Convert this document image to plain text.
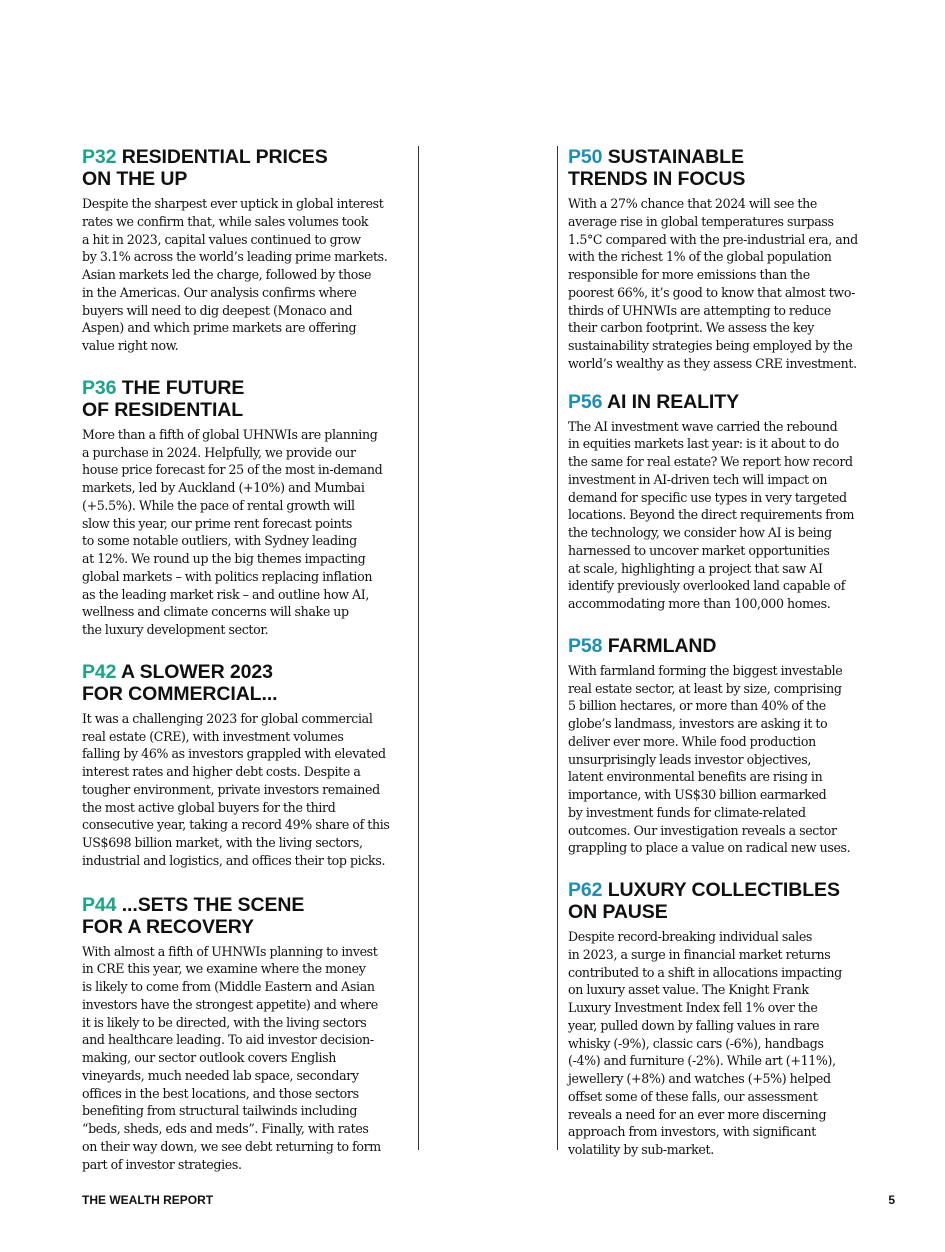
P32 RESIDENTIAL PRICES
ON THE UP
Despite the sharpest ever uptick in global interest
rates we confirm that, while sales volumes took
a hit in 2023, capital values continued to grow
by 3.1% across the world’s leading prime markets.
Asian markets led the charge, followed by those
in the Americas. Our analysis confirms where
buyers will need to dig deepest (Monaco and
Aspen) and which prime markets are offering
value right now.
P36 THE FUTURE
OF RESIDENTIAL
More than a fifth of global UHNWIs are planning
a purchase in 2024. Helpfully, we provide our
house price forecast for 25 of the most in-demand
markets, led by Auckland (+10%) and Mumbai
(+5.5%). While the pace of rental growth will
slow this year, our prime rent forecast points
to some notable outliers, with Sydney leading
at 12%. We round up the big themes impacting
global markets – with politics replacing inflation
as the leading market risk – and outline how AI,
wellness and climate concerns will shake up
the luxury development sector.
P42 A SLOWER 2023
FOR COMMERCIAL...
It was a challenging 2023 for global commercial
real estate (CRE), with investment volumes
falling by 46% as investors grappled with elevated
interest rates and higher debt costs. Despite a
tougher environment, private investors remained
the most active global buyers for the third
consecutive year, taking a record 49% share of this
US$698 billion market, with the living sectors,
industrial and logistics, and offices their top picks.
P44 ...SETS THE SCENE
FOR A RECOVERY
With almost a fifth of UHNWIs planning to invest
in CRE this year, we examine where the money
is likely to come from (Middle Eastern and Asian
investors have the strongest appetite) and where
it is likely to be directed, with the living sectors
and healthcare leading. To aid investor decision-
making, our sector outlook covers English
vineyards, much needed lab space, secondary
offices in the best locations, and those sectors
benefiting from structural tailwinds including
“beds, sheds, eds and meds”. Finally, with rates
on their way down, we see debt returning to form
part of investor strategies.
P50 SUSTAINABLE
TRENDS IN FOCUS
With a 27% chance that 2024 will see the
average rise in global temperatures surpass
1.5°C compared with the pre-industrial era, and
with the richest 1% of the global population
responsible for more emissions than the
poorest 66%, it’s good to know that almost two-
thirds of UHNWIs are attempting to reduce
their carbon footprint. We assess the key
sustainability strategies being employed by the
world’s wealthy as they assess CRE investment.
P56 AI IN REALITY
The AI investment wave carried the rebound
in equities markets last year: is it about to do
the same for real estate? We report how record
investment in AI-driven tech will impact on
demand for specific use types in very targeted
locations. Beyond the direct requirements from
the technology, we consider how AI is being
harnessed to uncover market opportunities
at scale, highlighting a project that saw AI
identify previously overlooked land capable of
accommodating more than 100,000 homes.
P58 FARMLAND
With farmland forming the biggest investable
real estate sector, at least by size, comprising
5 billion hectares, or more than 40% of the
globe’s landmass, investors are asking it to
deliver ever more. While food production
unsurprisingly leads investor objectives,
latent environmental benefits are rising in
importance, with US$30 billion earmarked
by investment funds for climate-related
outcomes. Our investigation reveals a sector
grappling to place a value on radical new uses.
P62 LUXURY COLLECTIBLES
ON PAUSE
Despite record-breaking individual sales
in 2023, a surge in financial market returns
contributed to a shift in allocations impacting
on luxury asset value. The Knight Frank
Luxury Investment Index fell 1% over the
year, pulled down by falling values in rare
whisky (-9%), classic cars (-6%), handbags
(-4%) and furniture (-2%). While art (+11%),
jewellery (+8%) and watches (+5%) helped
offset some of these falls, our assessment
reveals a need for an ever more discerning
approach from investors, with significant
volatility by sub-market.
THE WEALTH REPORT	5
